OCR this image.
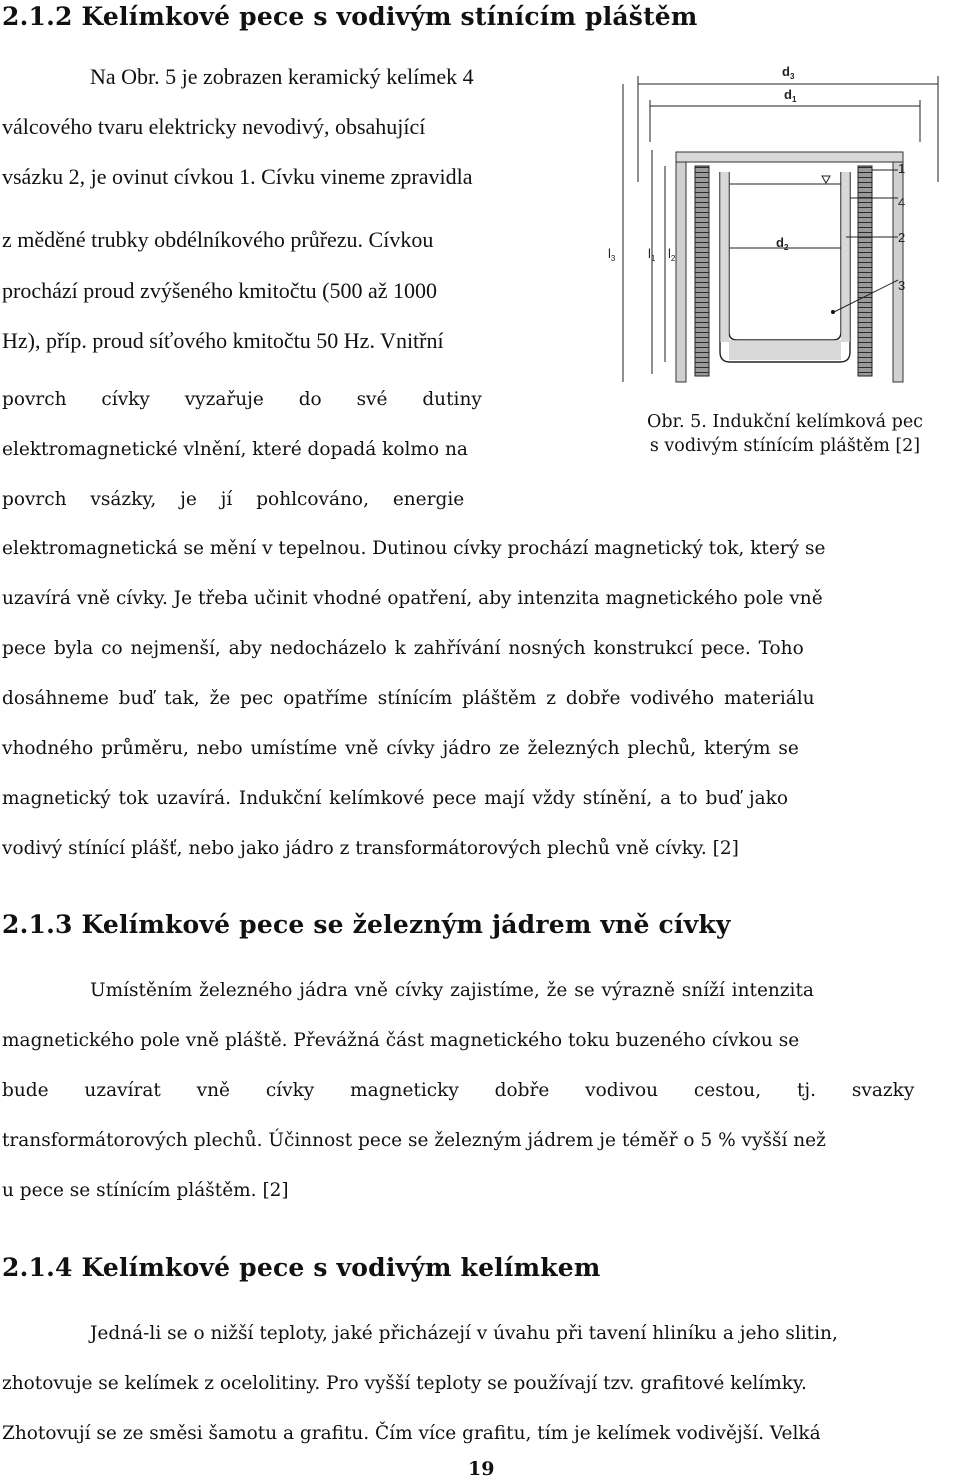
2.1.2 Kelímkové pece s vodivým stínícím pláštěm
Na Obr. 5 je zobrazen keramický kelímek 4
válcového tvaru elektricky nevodivý, obsahující
vsázku 2, je ovinut cívkou 1. Cívku vineme zpravidla
z měděné trubky obdélníkového průřezu. Cívkou
prochází proud zvýšeného kmitočtu (500 až 1000
Hz), příp. proud síťového kmitočtu 50 Hz. Vnitřní
povrch cívky vyzařuje do své dutiny
elektromagnetické vlnění, které dopadá kolmo na
povrch vsázky, je jí pohlcováno, energie
$d_3$
$d_1$
$d_2$
$l_3$	$l_1$ $l_2$
1
4
2
3
Obr. 5. Indukční kelímková pec
s vodivým stínícím pláštěm [2]
elektromagnetická se mění v tepelnou. Dutinou cívky prochází magnetický tok, který se
uzavírá vně cívky. Je třeba učinit vhodné opatření, aby intenzita magnetického pole vně
pece byla co nejmenší, aby nedocházelo k zahřívání nosných konstrukcí pece. Toho
dosáhneme buď tak, že pec opatříme stínícím pláštěm z dobře vodivého materiálu
vhodného průměru, nebo umístíme vně cívky jádro ze železných plechů, kterým se
magnetický tok uzavírá. Indukční kelímkové pece mají vždy stínění, a to buď jako
vodivý stínící plášť, nebo jako jádro z transformátorových plechů vně cívky. [2]
2.1.3 Kelímkové pece se železným jádrem vně cívky
Umístěním železného jádra vně cívky zajistíme, že se výrazně sníží intenzita
magnetického pole vně pláště. Převážná část magnetického toku buzeného cívkou se
bude uzavírat vně cívky magneticky dobře vodivou cestou, tj. svazky
transformátorových plechů. Účinnost pece se železným jádrem je téměř o 5 % vyšší než
u pece se stínícím pláštěm. [2]
2.1.4 Kelímkové pece s vodivým kelímkem
Jedná-li se o nižší teploty, jaké přicházejí v úvahu při tavení hliníku a jeho slitin,
zhotovuje se kelímek z ocelolitiny. Pro vyšší teploty se používají tzv. grafitové kelímky.
Zhotovují se ze směsi šamotu a grafitu. Čím více grafitu, tím je kelímek vodivější. Velká
19
